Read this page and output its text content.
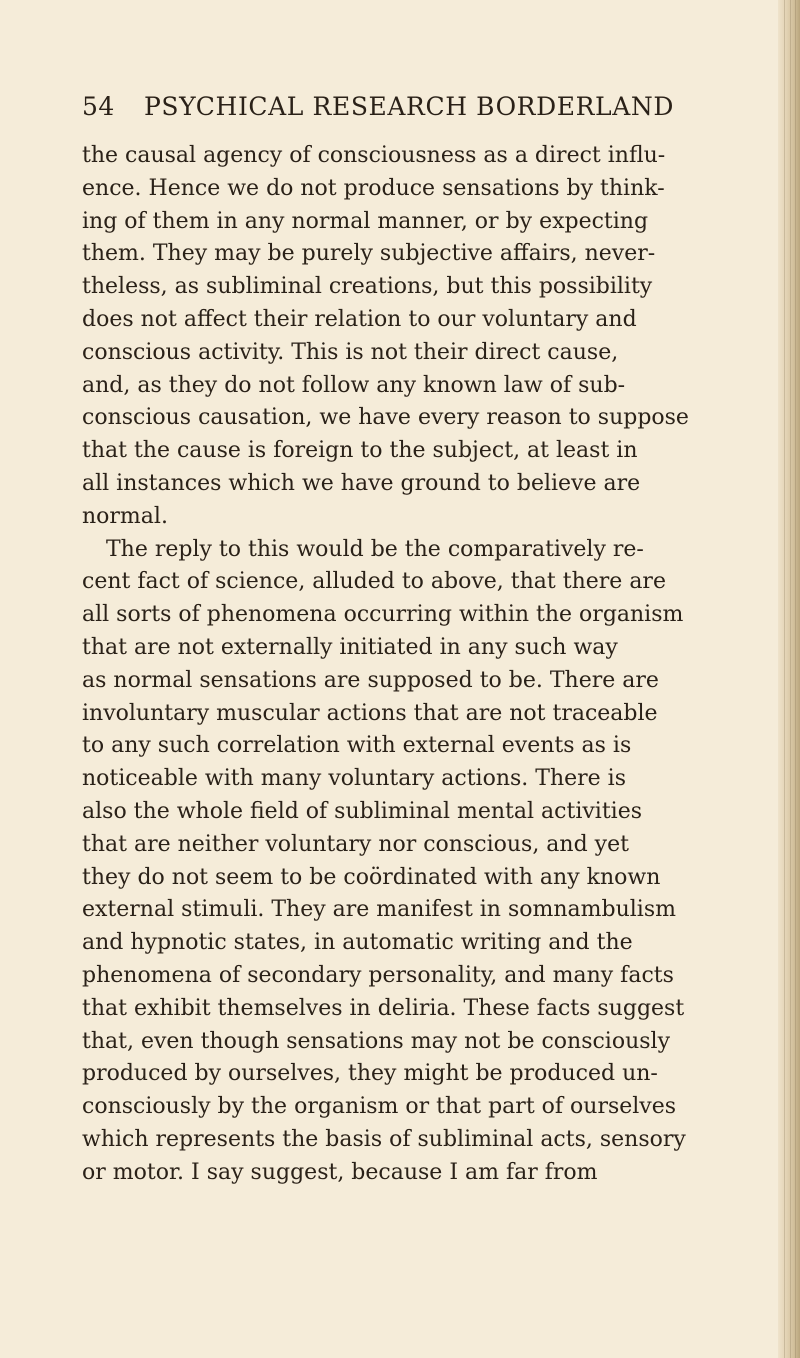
54 PSYCHICAL RESEARCH BORDERLAND
the causal agency of consciousness as a direct influ-
ence. Hence we do not produce sensations by think-
ing of them in any normal manner, or by expecting
them. They may be purely subjective affairs, never-
theless, as subliminal creations, but this possibility
does not affect their relation to our voluntary and
conscious activity. This is not their direct cause,
and, as they do not follow any known law of sub-
conscious causation, we have every reason to suppose
that the cause is foreign to the subject, at least in
all instances which we have ground to believe are
normal.
The reply to this would be the comparatively re-
cent fact of science, alluded to above, that there are
all sorts of phenomena occurring within the organism
that are not externally initiated in any such way
as normal sensations are supposed to be. There are
involuntary muscular actions that are not traceable
to any such correlation with external events as is
noticeable with many voluntary actions. There is
also the whole field of subliminal mental activities
that are neither voluntary nor conscious, and yet
they do not seem to be coördinated with any known
external stimuli. They are manifest in somnambulism
and hypnotic states, in automatic writing and the
phenomena of secondary personality, and many facts
that exhibit themselves in deliria. These facts suggest
that, even though sensations may not be consciously
produced by ourselves, they might be produced un-
consciously by the organism or that part of ourselves
which represents the basis of subliminal acts, sensory
or motor. I say suggest, because I am far from
